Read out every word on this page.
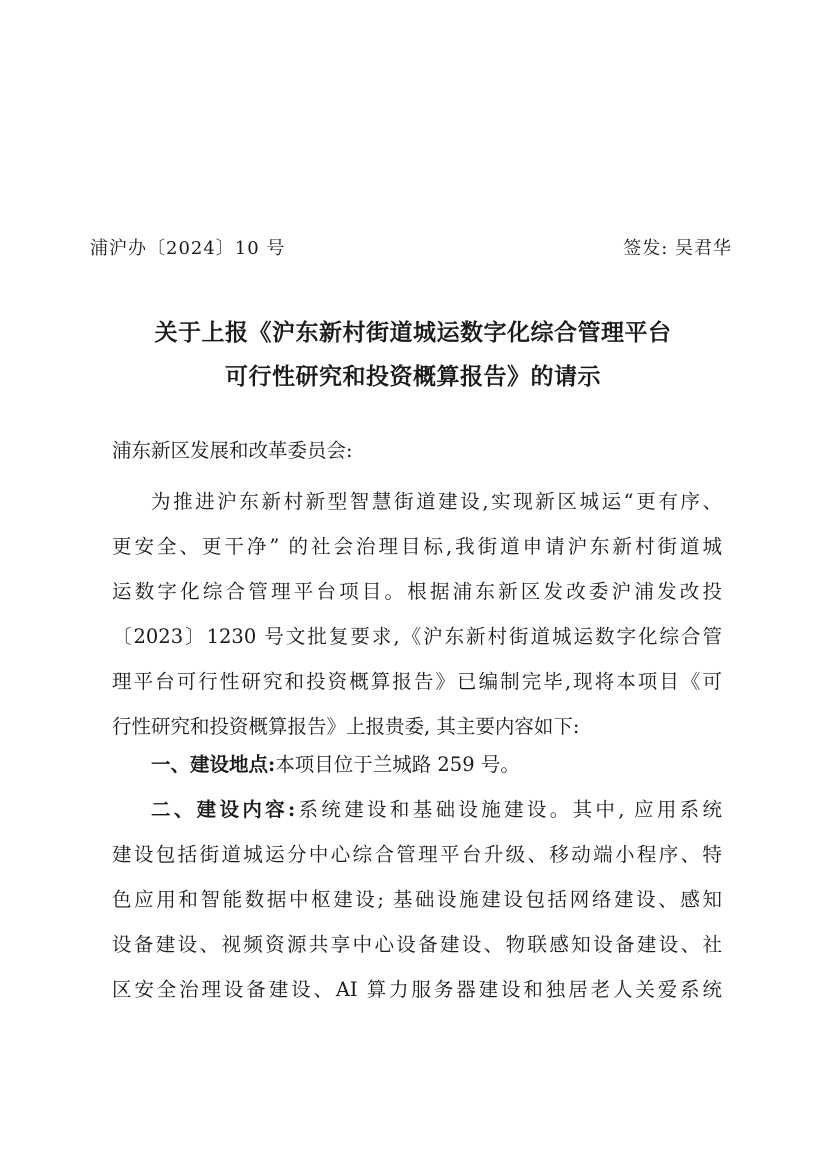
浦沪办〔2024〕10 号	签发: 吴君华
关于上报《沪东新村街道城运数字化综合管理平台
可行性研究和投资概算报告》的请示
浦东新区发展和改革委员会:
为推进沪东新村新型智慧街道建设,实现新区城运“更有序、
更安全、更干净” 的社会治理目标,我街道申请沪东新村街道城
运数字化综合管理平台项目。根据浦东新区发改委沪浦发改投
〔2023〕1230 号文批复要求,《沪东新村街道城运数字化综合管
理平台可行性研究和投资概算报告》已编制完毕,现将本项目《可
行性研究和投资概算报告》上报贵委, 其主要内容如下:
一、建设地点:本项目位于兰城路 259 号。
二、建设内容:系统建设和基础设施建设。其中, 应用系统
建设包括街道城运分中心综合管理平台升级、移动端小程序、特
色应用和智能数据中枢建设; 基础设施建设包括网络建设、感知
设备建设、视频资源共享中心设备建设、物联感知设备建设、社
区安全治理设备建设、AI 算力服务器建设和独居老人关爱系统
